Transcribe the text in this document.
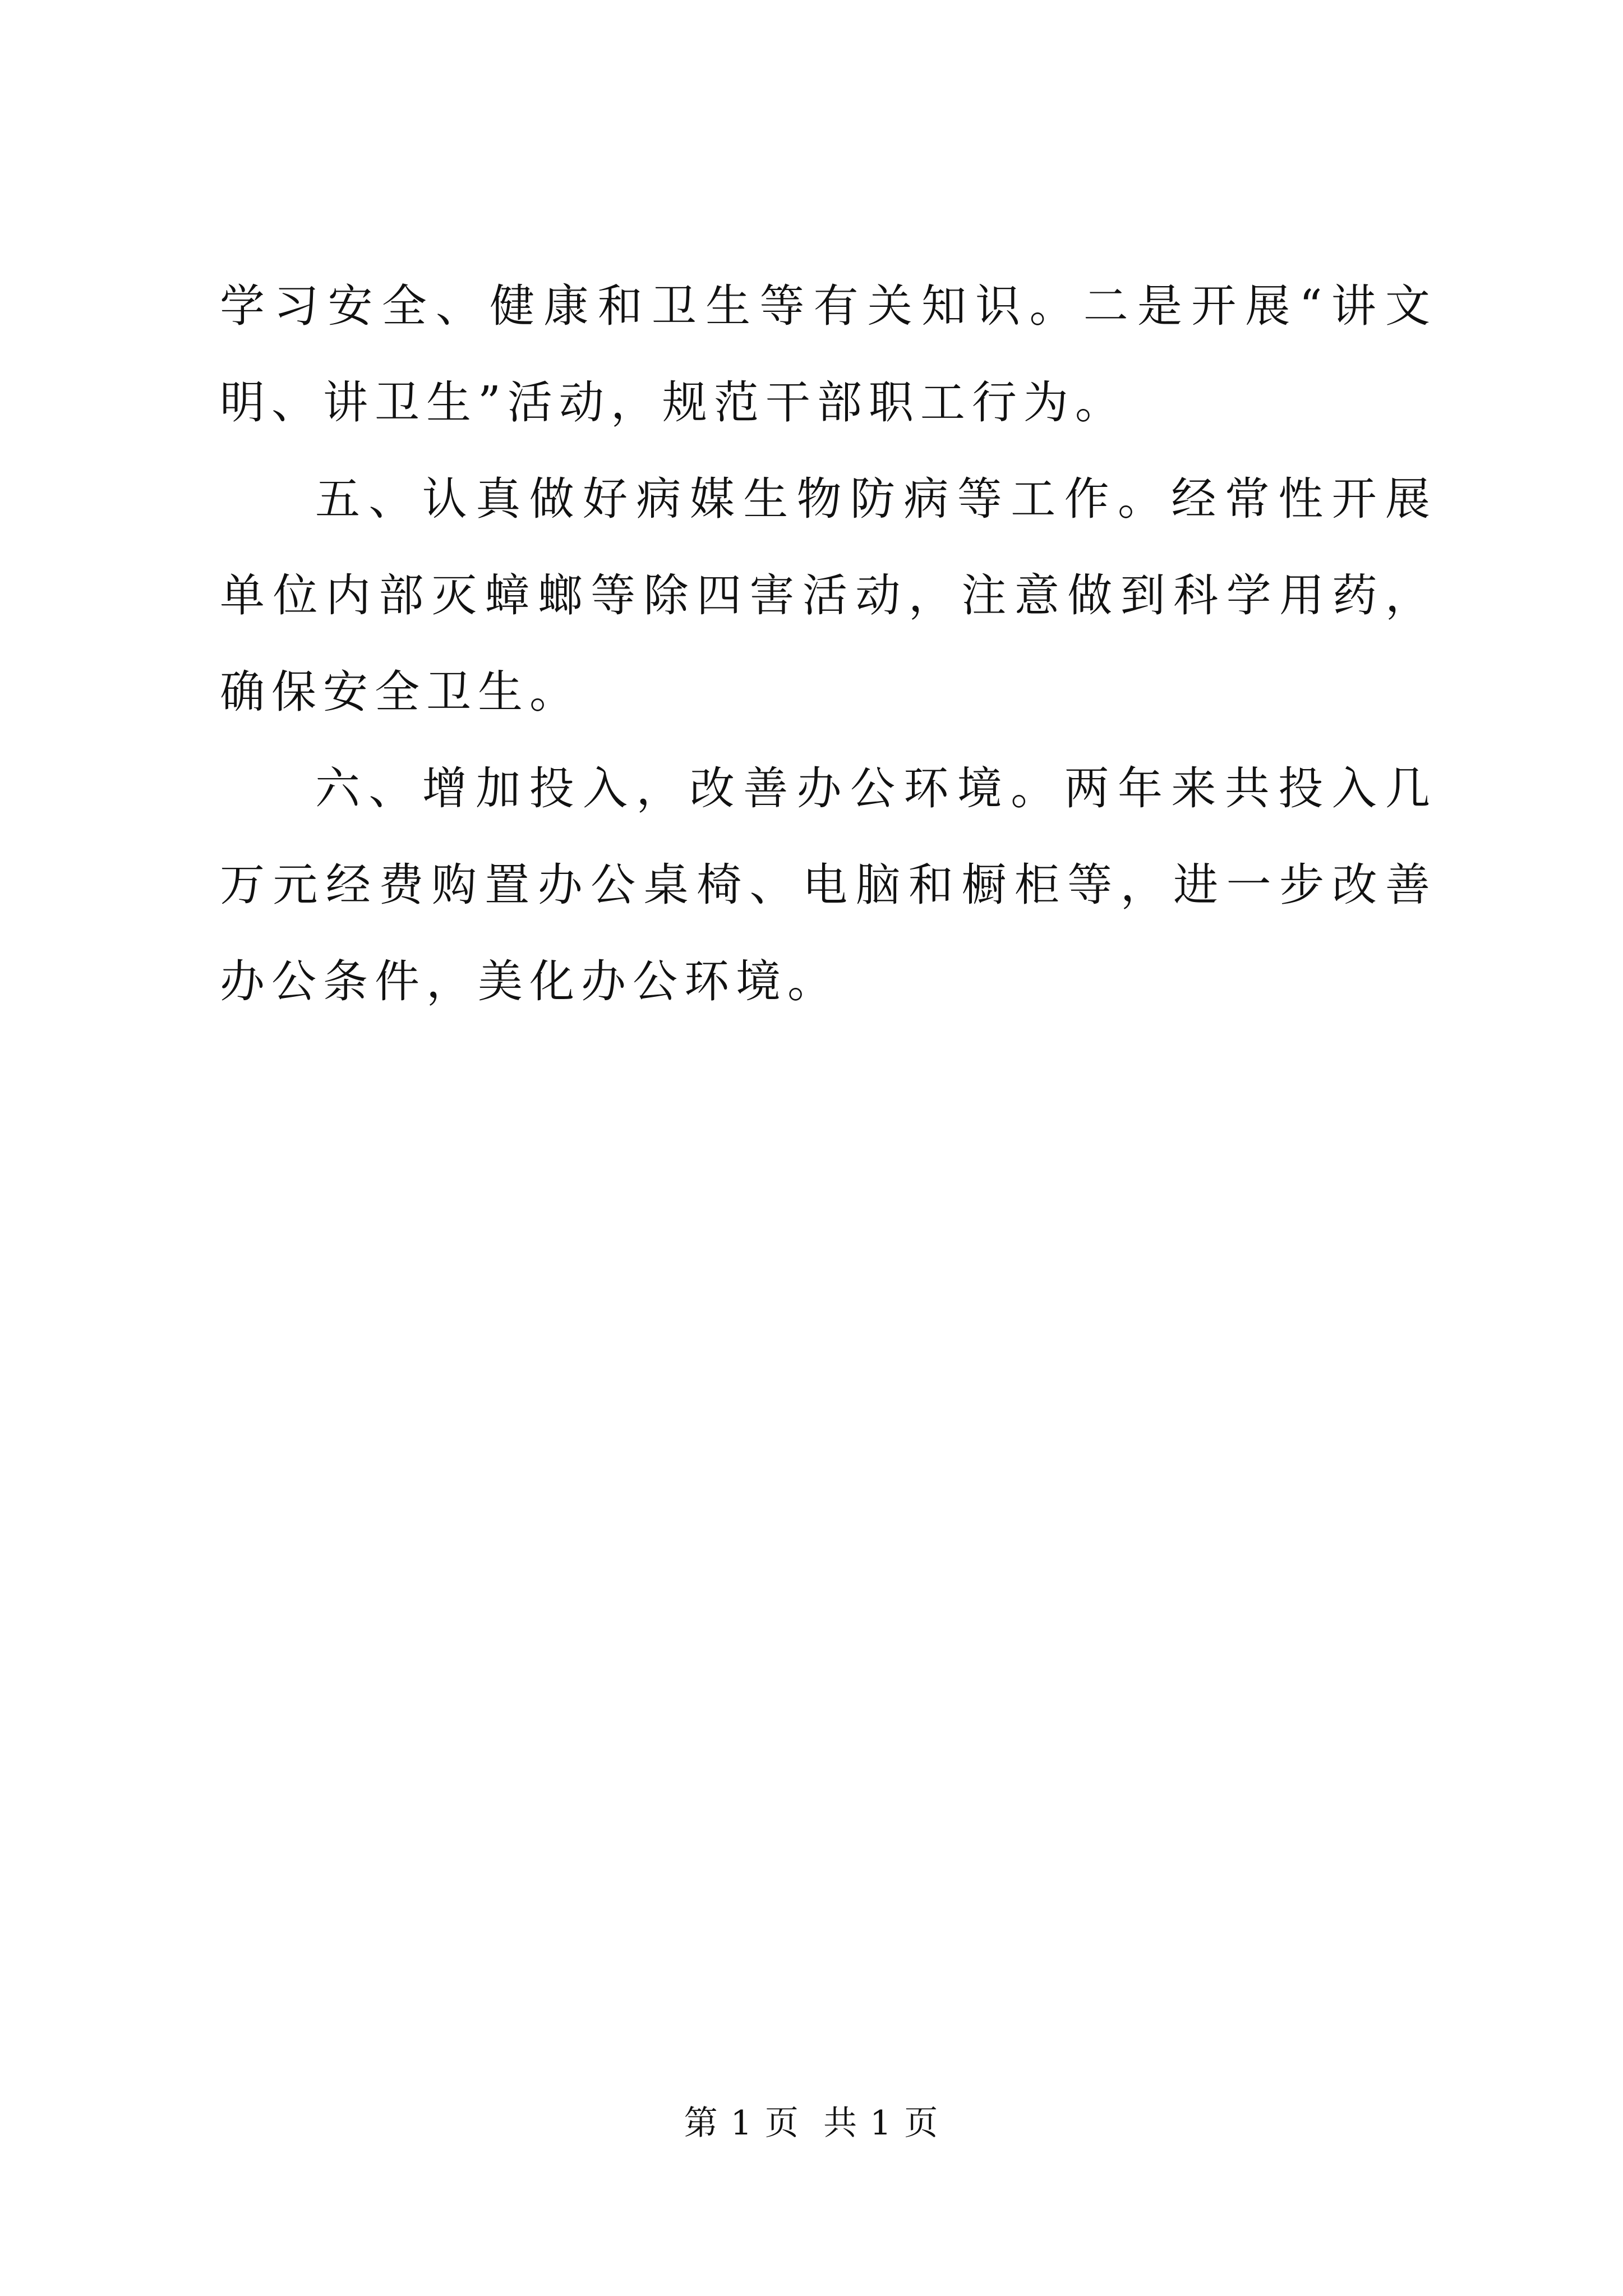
学习安全、健康和卫生等有关知识。二是开展“讲文明、讲卫生”活动，规范干部职工行为。

五、认真做好病媒生物防病等工作。经常性开展单位内部灭蟑螂等除四害活动，注意做到科学用药，确保安全卫生。

六、增加投入，改善办公环境。两年来共投入几万元经费购置办公桌椅、电脑和橱柜等，进一步改善办公条件，美化办公环境。

第 1 页  共 1 页
